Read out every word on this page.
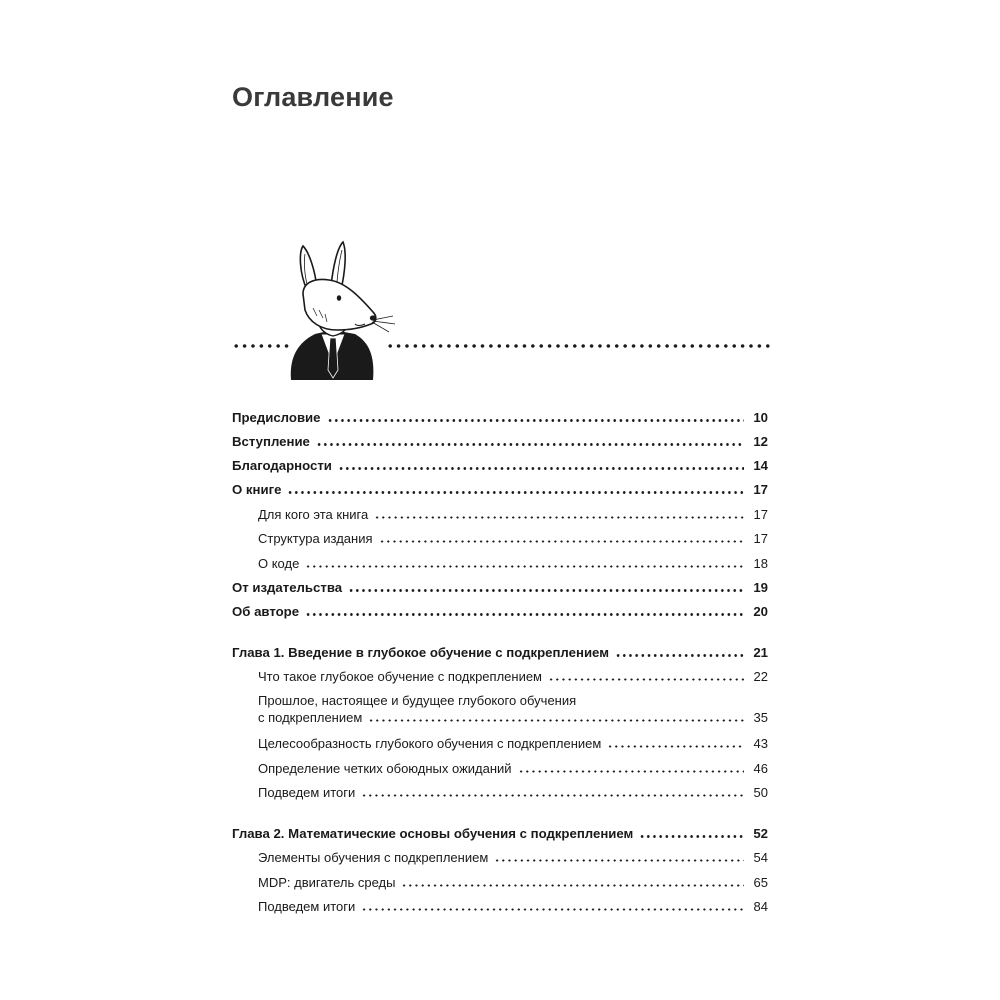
Оглавление
Предисловие	10
Вступление	12
Благодарности	14
О книге	17
Для кого эта книга	17
Структура издания	17
О коде	18
От издательства	19
Об авторе	20
Глава 1. Введение в глубокое обучение с подкреплением	21
Что такое глубокое обучение с подкреплением	22
Прошлое, настоящее и будущее глубокого обучения
с подкреплением	35
Целесообразность глубокого обучения с подкреплением	43
Определение четких обоюдных ожиданий	46
Подведем итоги	50
Глава 2. Математические основы обучения с подкреплением	52
Элементы обучения с подкреплением	54
MDP: двигатель среды	65
Подведем итоги	84
